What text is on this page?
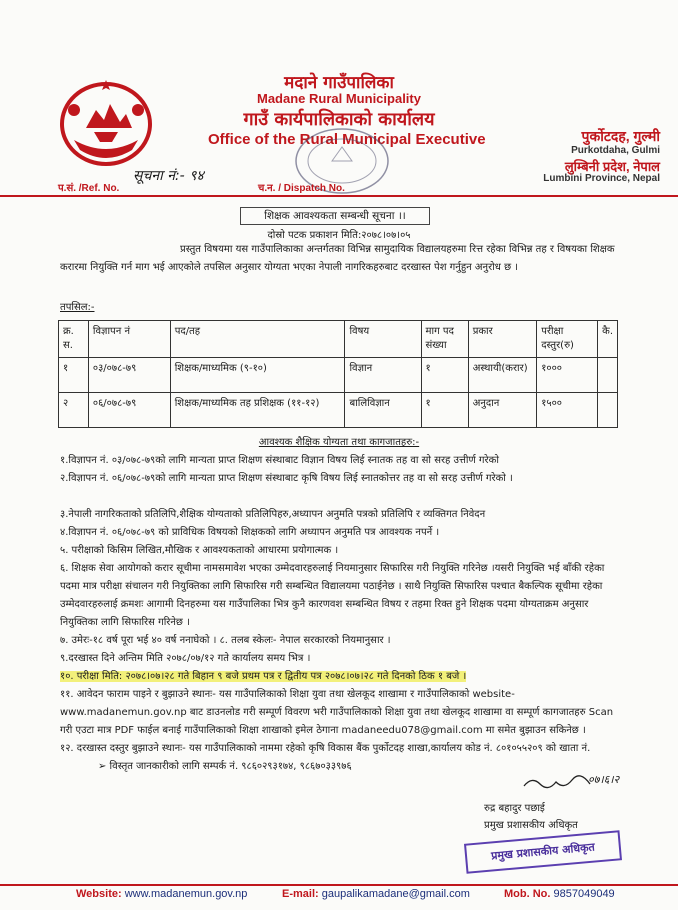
मदाने गाउँपालिका
Madane Rural Municipality
गाउँ कार्यपालिकाको कार्यालय
Office of the Rural Municipal Executive	पुर्कोटदह, गुल्मी
Purkotdaha, Gulmi
लुम्बिनी प्रदेश, नेपाल
Lumbini Province, Nepal
सूचना नं:- ९४
प.सं. /Ref. No.	च.न. / Dispatch No.
शिक्षक आवश्यकता सम्बन्धी सूचना ।।
दोस्रो पटक प्रकाशन मिति:२०७८।०७।०५
प्रस्तुत विषयमा यस गाउँपालिकाका अन्तर्गतका विभिन्न सामुदायिक विद्यालयहरुमा रित्त रहेका विभिन्न तह र विषयका शिक्षक करारमा नियुक्ति गर्न माग भई आएकोले तपसिल अनुसार योग्यता भएका नेपाली नागरिकहरुबाट दरखास्त पेश गर्नुहुन अनुरोध छ ।
तपसिल:-
क्र. स.	विज्ञापन नं	पद/तह	विषय	माग पद संख्या	प्रकार	परीक्षा दस्तुर(रु)	कै.
१	०३/०७८-७९	शिक्षक/माध्यमिक (९-१०)	विज्ञान	१	अस्थायी(करार)	१०००	
२	०६/०७८-७९	शिक्षक/माध्यमिक तह प्रशिक्षक (११-१२)	बालिविज्ञान	१	अनुदान	१५००	
आवश्यक शैक्षिक योग्यता तथा कागजातहरु:-
१.विज्ञापन नं. ०३/०७८-७९को लागि मान्यता प्राप्त शिक्षण संस्थाबाट विज्ञान विषय लिई स्नातक तह वा सो सरह उत्तीर्ण गरेको
२.विज्ञापन नं. ०६/०७८-७९को लागि मान्यता प्राप्त शिक्षण संस्थाबाट कृषि विषय लिई स्नातकोत्तर तह वा सो सरह उत्तीर्ण गरेको ।
३.नेपाली नागरिकताको प्रतिलिपि,शैक्षिक योग्यताको प्रतिलिपिहरु,अध्यापन अनुमति पत्रको प्रतिलिपि र व्यक्तिगत निवेदन
४.विज्ञापन नं. ०६/०७८-७९ को प्राविधिक विषयको शिक्षकको लागि अध्यापन अनुमति पत्र आवश्यक नपर्ने ।
५. परीक्षाको किसिम लिखित,मौखिक र आवश्यकताको आधारमा प्रयोगात्मक ।
६. शिक्षक सेवा आयोगको करार सूचीमा नामसमावेश भएका उम्मेदवारहरुलाई नियमानुसार सिफारिस गरी नियुक्ति गरिनेछ ।यसरी नियुक्ति भई बाँकी रहेका पदमा मात्र परीक्षा संचालन गरी नियुक्तिका लागि सिफारिस गरी सम्बन्धित विद्यालयमा पठाईनेछ । साथै नियुक्ति सिफारिस पश्चात बैकल्पिक सूचीमा रहेका उम्मेदवारहरुलाई क्रमशः आगामी दिनहरुमा यस गाउँपालिका भित्र कुनै कारणवश सम्बन्धित विषय र तहमा रिक्त हुने शिक्षक पदमा योग्यताक्रम अनुसार नियुक्तिका लागि सिफारिस गरिनेछ ।
७. उमेरः-१८ वर्ष पूरा भई ४० वर्ष ननाघेको । ८. तलब स्केलः- नेपाल सरकारको नियमानुसार ।
९.दरखास्त दिने अन्तिम मिति २०७८/०७/१२ गते कार्यालय समय भित्र ।
१०. परीक्षा मिति: २०७८।०७।२८ गते बिहान ९ बजे प्रथम पत्र र द्वितीय पत्र २०७८।०७।२८ गते दिनको ठिक १ बजे ।
११. आवेदन फाराम पाइने र बुझाउने स्थानः- यस गाउँपालिकाको शिक्षा युवा तथा खेलकूद शाखामा र गाउँपालिकाको website- www.madanemun.gov.np बाट डाउनलोड गरी सम्पूर्ण विवरण भरी गाउँपालिकाको शिक्षा युवा तथा खेलकूद शाखामा वा सम्पूर्ण कागजातहरु Scan गरी एउटा मात्र PDF फाईल बनाई गाउँपालिकाको शिक्षा शाखाको इमेल ठेगाना madaneedu078@gmail.com मा समेत बुझाउन सकिनेछ ।
१२. दरखास्त दस्तुर बुझाउने स्थानः- यस गाउँपालिकाको नाममा रहेको कृषि विकास बैंक पुर्कोटदह शाखा,कार्यालय कोड नं. ८०१०५५२०९ को खाता नं.
➢ विस्तृत जानकारीको लागि सम्पर्क नं. ९८६०२९३१७४, ९८६७०३३९७६
०७।६।२
रुद्र बहादुर पछाई
प्रमुख प्रशासकीय अधिकृत
प्रमुख प्रशासकीय अधिकृत
Website: www.madanemun.gov.np	E-mail: gaupalikamadane@gmail.com	Mob. No. 9857049049
